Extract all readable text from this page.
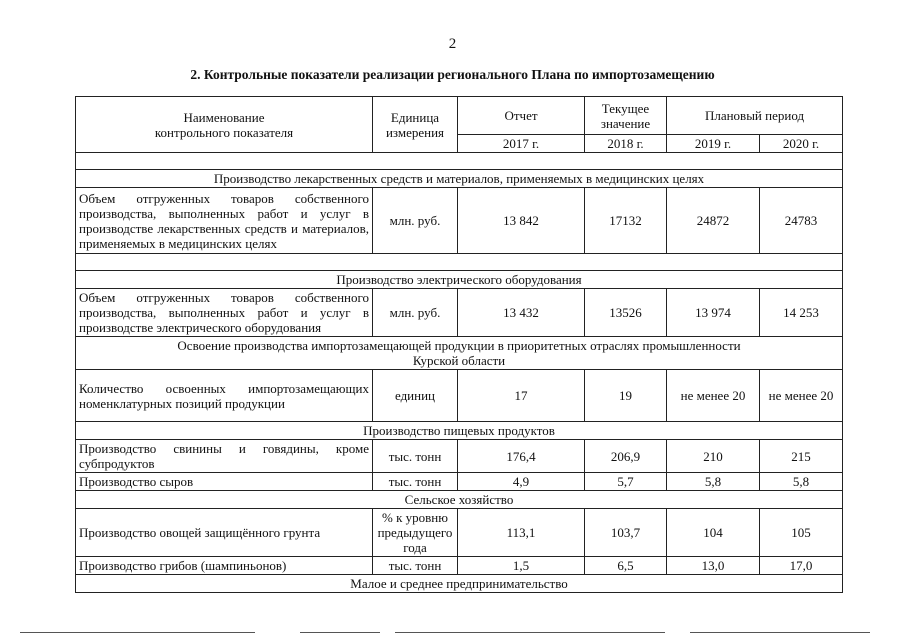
2
2. Контрольные показатели реализации регионального Плана по импортозамещению
Наименование
контрольного показателя	Единица измерения	Отчет	Текущее значение	Плановый период	
		2017 г.	2018 г.	2019 г.	2020 г.

Производство лекарственных средств и материалов, применяемых в медицинских целях					
Объем отгруженных товаров собственного производства, выполненных работ и услуг в производстве лекарственных средств и материалов, применяемых в медицинских целях	млн. руб.	13 842	17132	24872	24783

Производство электрического оборудования					
Объем отгруженных товаров собственного производства, выполненных работ и услуг в производстве электрического оборудования	млн. руб.	13 432	13526	13 974	14 253
Освоение производства импортозамещающей продукции в приоритетных отраслях промышленности Курской области					
Количество освоенных импортозамещающих номенклатурных позиций продукции	единиц	17	19	не менее 20	не менее 20
Производство пищевых продуктов					
Производство свинины и говядины, кроме субпродуктов	тыс. тонн	176,4	206,9	210	215
Производство сыров	тыс. тонн	4,9	5,7	5,8	5,8
Сельское хозяйство					
Производство овощей защищённого грунта	% к уровню предыдущего года	113,1	103,7	104	105
Производство грибов (шампиньонов)	тыс. тонн	1,5	6,5	13,0	17,0
Малое и среднее предпринимательство					
